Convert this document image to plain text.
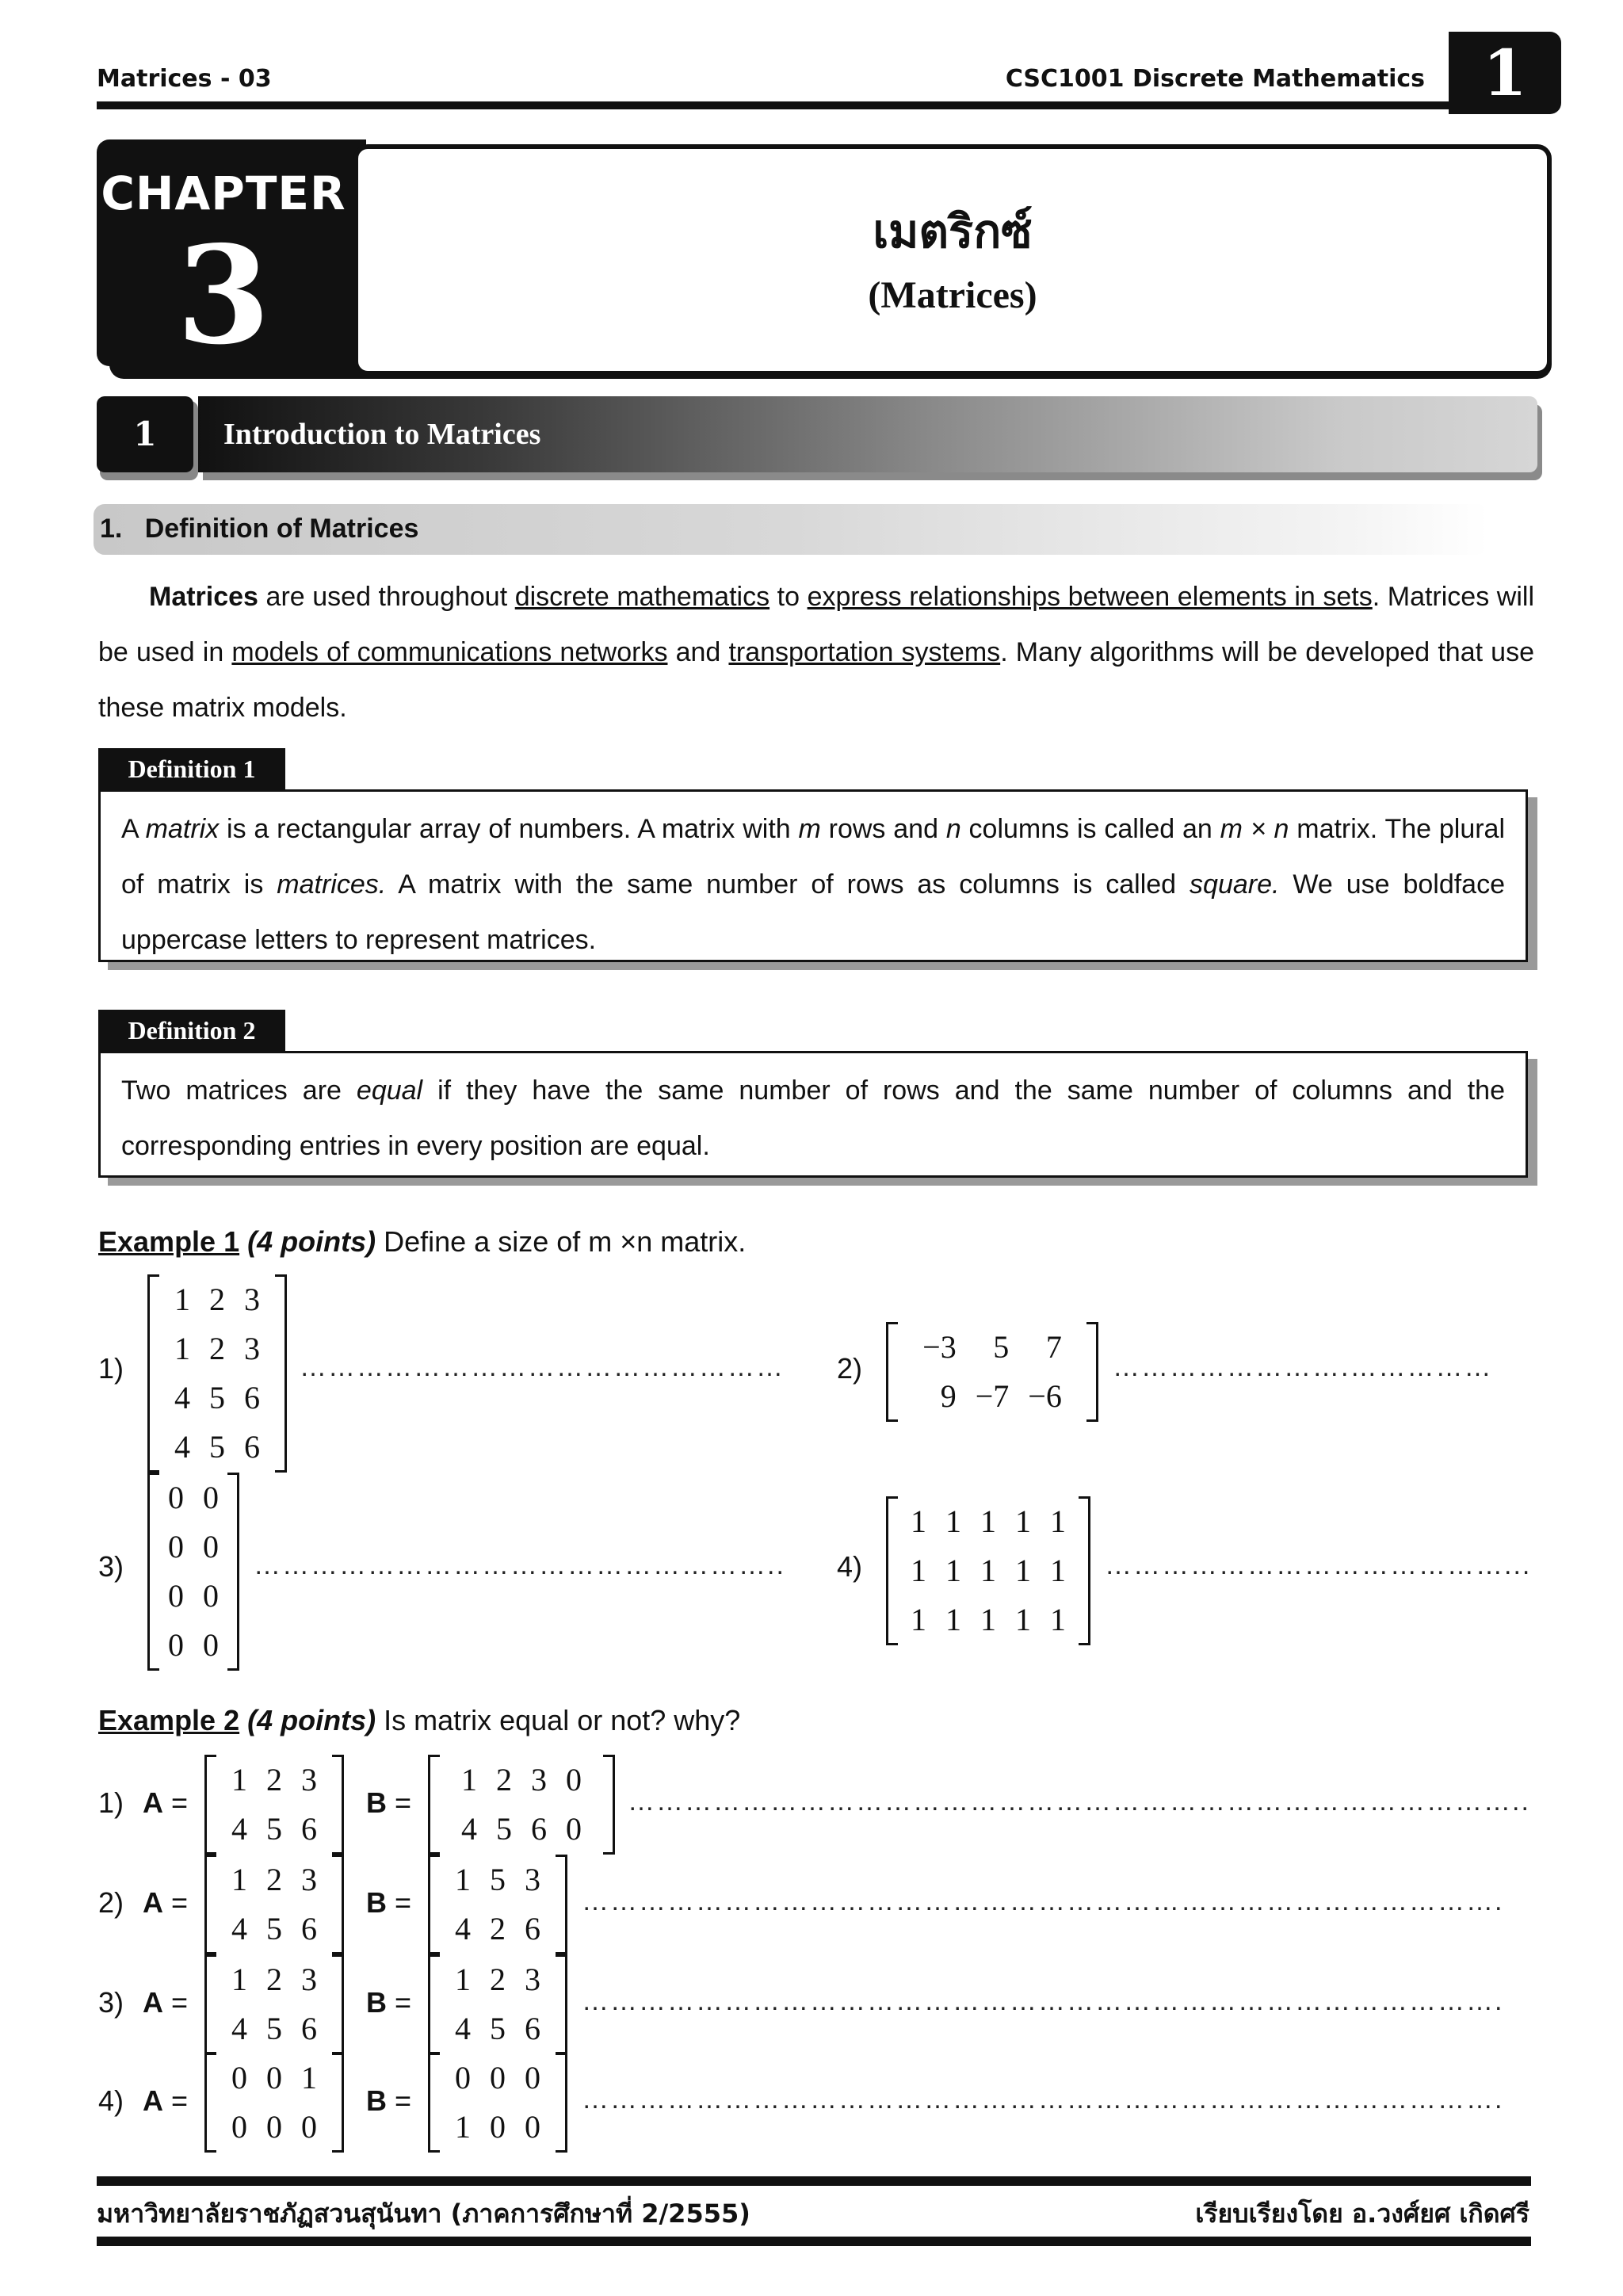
Matrices - 03	CSC1001 Discrete Mathematics 1
CHAPTER
3	เมตริกซ์
(Matrices)
1	Introduction to Matrices
1.   Definition of Matrices
Matrices are used throughout discrete mathematics to express relationships between elements in sets. Matrices will be used in models of communications networks and transportation systems. Many algorithms will be developed that use these matrix models.
Definition 1
A matrix is a rectangular array of numbers. A matrix with m rows and n columns is called an m × n matrix. The plural of matrix is matrices. A matrix with the same number of rows as columns is called square. We use boldface uppercase letters to represent matrices.
Definition 2
Two matrices are equal if they have the same number of rows and the same number of columns and the corresponding entries in every position are equal.
Example 1 (4 points) Define a size of m ×n matrix.
1)
1	2	3
1	2	3
4	5	6
4	5	6
…………………………………………… 2)
−3	5	7
9	−7	−6
…………………….……………
3)
0	0
0	0
0	0
0	0
……………………………………………….. 4)
1	1	1	1	1
1	1	1	1	1
1	1	1	1	1
……………………………………...
Example 2 (4 points) Is matrix equal or not? why?
1) A =
1	2	3
4	5	6
B =
1	2	3	0
4	5	6	0
…………………………………………………………………………………..
2) A =
1	2	3
4	5	6
B =
1	5	3
4	2	6
…………………………………………………………………………………….
3) A =
1	2	3
4	5	6
B =
1	2	3
4	5	6
…………………………………………………………………………………….
4) A =
0	0	1
0	0	0
B =
0	0	0
1	0	0
…………………………………………………………………………………….
มหาวิทยาลัยราชภัฏสวนสุนันทา (ภาคการศึกษาที่ 2/2555)	เรียบเรียงโดย อ.วงศ์ยศ เกิดศรี
